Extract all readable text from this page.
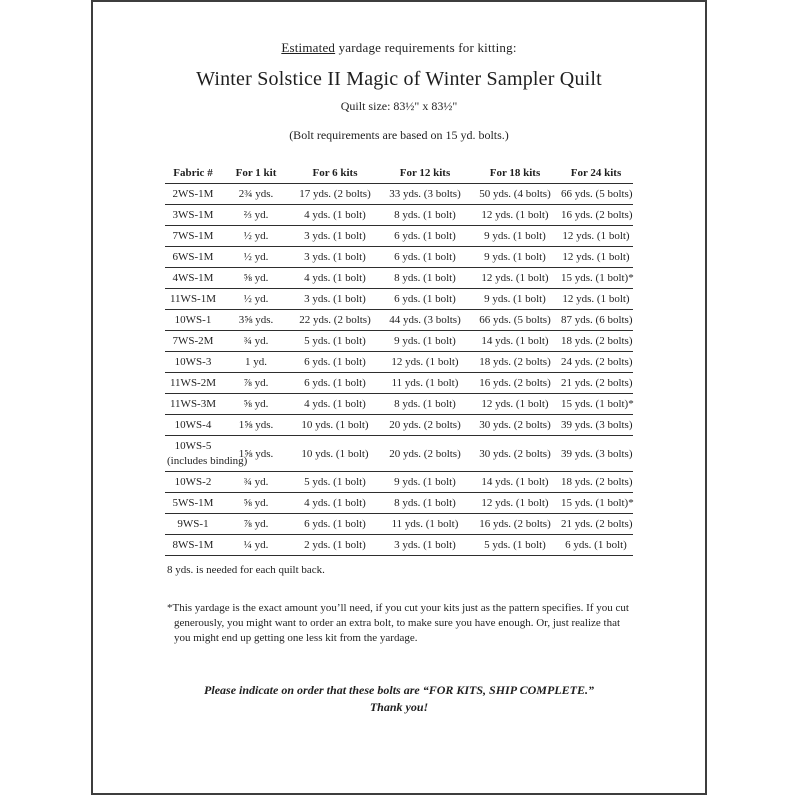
Estimated yardage requirements for kitting:
Winter Solstice II Magic of Winter Sampler Quilt
Quilt size: 83½" x 83½"
(Bolt requirements are based on 15 yd. bolts.)
Fabric #	For 1 kit	For 6 kits	For 12 kits	For 18 kits	For 24 kits
2WS-1M	2¾ yds.	17 yds. (2 bolts)	33 yds. (3 bolts)	50 yds. (4 bolts)	66 yds. (5 bolts)
3WS-1M	⅔ yd.	4 yds. (1 bolt)	8 yds. (1 bolt)	12 yds. (1 bolt)	16 yds. (2 bolts)
7WS-1M	½ yd.	3 yds. (1 bolt)	6 yds. (1 bolt)	9 yds. (1 bolt)	12 yds. (1 bolt)
6WS-1M	½ yd.	3 yds. (1 bolt)	6 yds. (1 bolt)	9 yds. (1 bolt)	12 yds. (1 bolt)
4WS-1M	⅝ yd.	4 yds. (1 bolt)	8 yds. (1 bolt)	12 yds. (1 bolt)	15 yds. (1 bolt)*
11WS-1M	½ yd.	3 yds. (1 bolt)	6 yds. (1 bolt)	9 yds. (1 bolt)	12 yds. (1 bolt)
10WS-1	3⅝ yds.	22 yds. (2 bolts)	44 yds. (3 bolts)	66 yds. (5 bolts)	87 yds. (6 bolts)
7WS-2M	¾ yd.	5 yds. (1 bolt)	9 yds. (1 bolt)	14 yds. (1 bolt)	18 yds. (2 bolts)
10WS-3	1 yd.	6 yds. (1 bolt)	12 yds. (1 bolt)	18 yds. (2 bolts)	24 yds. (2 bolts)
11WS-2M	⅞ yd.	6 yds. (1 bolt)	11 yds. (1 bolt)	16 yds. (2 bolts)	21 yds. (2 bolts)
11WS-3M	⅝ yd.	4 yds. (1 bolt)	8 yds. (1 bolt)	12 yds. (1 bolt)	15 yds. (1 bolt)*
10WS-4	1⅝ yds.	10 yds. (1 bolt)	20 yds. (2 bolts)	30 yds. (2 bolts)	39 yds. (3 bolts)

10WS-5
(includes binding)	1⅝ yds.	10 yds. (1 bolt)	20 yds. (2 bolts)	30 yds. (2 bolts)	39 yds. (3 bolts)
10WS-2	¾ yd.	5 yds. (1 bolt)	9 yds. (1 bolt)	14 yds. (1 bolt)	18 yds. (2 bolts)
5WS-1M	⅝ yd.	4 yds. (1 bolt)	8 yds. (1 bolt)	12 yds. (1 bolt)	15 yds. (1 bolt)*
9WS-1	⅞ yd.	6 yds. (1 bolt)	11 yds. (1 bolt)	16 yds. (2 bolts)	21 yds. (2 bolts)
8WS-1M	¼ yd.	2 yds. (1 bolt)	3 yds. (1 bolt)	5 yds. (1 bolt)	6 yds. (1 bolt)
8 yds. is needed for each quilt back.
*This yardage is the exact amount you’ll need, if you cut your kits just as the pattern specifies. If you cut generously, you might want to order an extra bolt, to make sure you have enough. Or, just realize that you might end up getting one less kit from the yardage.
Please indicate on order that these bolts are “FOR KITS, SHIP COMPLETE.”
Thank you!
